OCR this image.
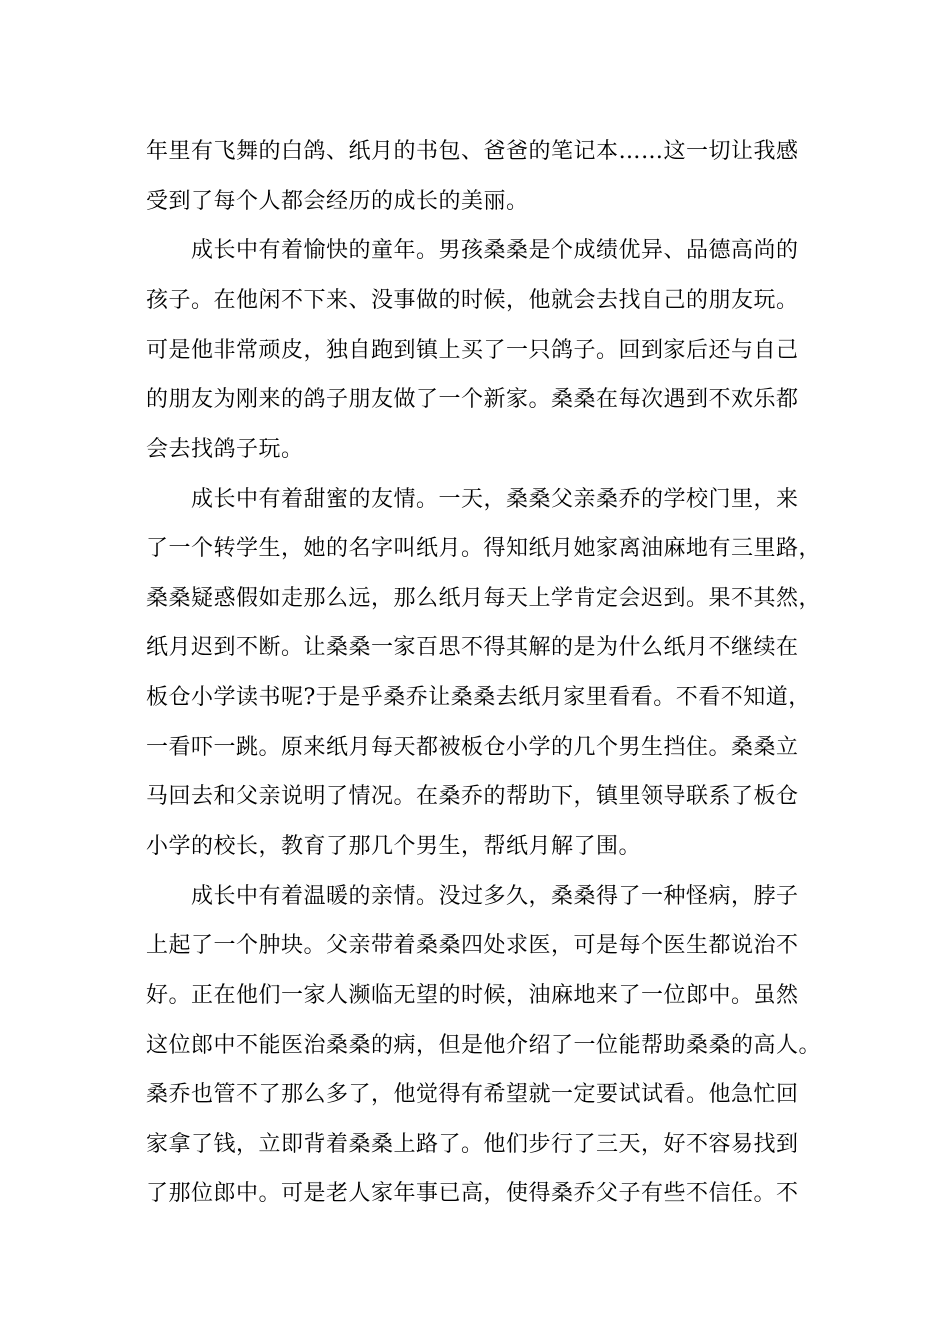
年里有飞舞的白鸽、纸月的书包、爸爸的笔记本……这一切让我感
受到了每个人都会经历的成长的美丽。
成长中有着愉快的童年。男孩桑桑是个成绩优异、品德高尚的
孩子。在他闲不下来、没事做的时候，他就会去找自己的朋友玩。
可是他非常顽皮，独自跑到镇上买了一只鸽子。回到家后还与自己
的朋友为刚来的鸽子朋友做了一个新家。桑桑在每次遇到不欢乐都
会去找鸽子玩。
成长中有着甜蜜的友情。一天，桑桑父亲桑乔的学校门里，来
了一个转学生，她的名字叫纸月。得知纸月她家离油麻地有三里路，
桑桑疑惑假如走那么远，那么纸月每天上学肯定会迟到。果不其然，
纸月迟到不断。让桑桑一家百思不得其解的是为什么纸月不继续在
板仓小学读书呢?于是乎桑乔让桑桑去纸月家里看看。不看不知道，
一看吓一跳。原来纸月每天都被板仓小学的几个男生挡住。桑桑立
马回去和父亲说明了情况。在桑乔的帮助下，镇里领导联系了板仓
小学的校长，教育了那几个男生，帮纸月解了围。
成长中有着温暖的亲情。没过多久，桑桑得了一种怪病，脖子
上起了一个肿块。父亲带着桑桑四处求医，可是每个医生都说治不
好。正在他们一家人濒临无望的时候，油麻地来了一位郎中。虽然
这位郎中不能医治桑桑的病，但是他介绍了一位能帮助桑桑的高人。
桑乔也管不了那么多了，他觉得有希望就一定要试试看。他急忙回
家拿了钱，立即背着桑桑上路了。他们步行了三天，好不容易找到
了那位郎中。可是老人家年事已高，使得桑乔父子有些不信任。不
